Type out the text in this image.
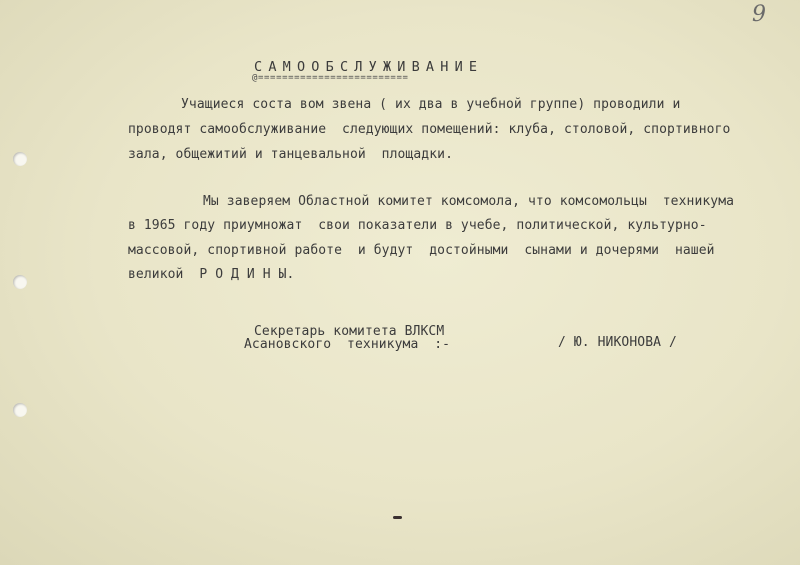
9
САМООБСЛУЖИВАНИЕ
@=========================
Учащиеся соста вом звена ( их два в учебной группе) проводили и
проводят самообслуживание  следующих помещений: клуба, столовой, спортивного
зала, общежитий и танцевальной  площадки.
Мы заверяем Областной комитет комсомола, что комсомольцы  техникума
в 1965 году приумножат  свои показатели в учебе, политической, культурно-
массовой, спортивной работе  и будут  достойными  сынами и дочерями  нашей
великой  Р О Д И Н Ы.
Секретарь комитета ВЛКСМ
Асановского  техникума  :-	/ Ю. НИКОНОВА /
